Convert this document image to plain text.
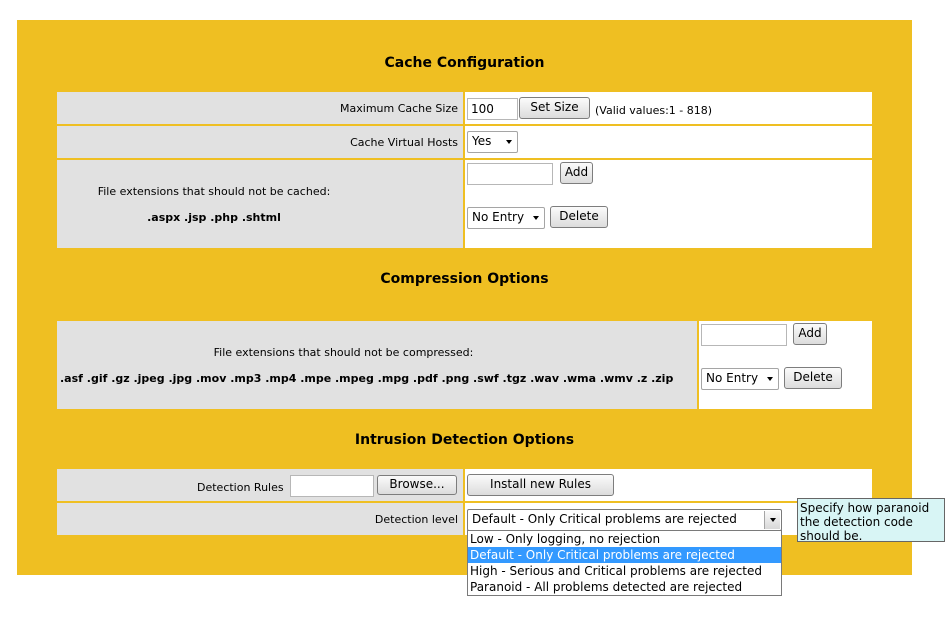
Cache Configuration
Maximum Cache Size	100	Set Size	(Valid values:1 - 818)
Cache Virtual Hosts	Yes
File extensions that should not be cached:
.aspx .jsp .php .shtml
Add
No Entry	Delete
Compression Options
File extensions that should not be compressed:
.asf .gif .gz .jpeg .jpg .mov .mp3 .mp4 .mpe .mpeg .mpg .pdf .png .swf .tgz .wav .wma .wmv .z .zip
Add
No Entry	Delete
Intrusion Detection Options
Detection Rules	Browse...	Install new Rules
Detection level	Default - Only Critical problems are rejected
Low - Only logging, no rejection
Default - Only Critical problems are rejected
High - Serious and Critical problems are rejected
Paranoid - All problems detected are rejected
Specify how paranoid the detection code should be.
